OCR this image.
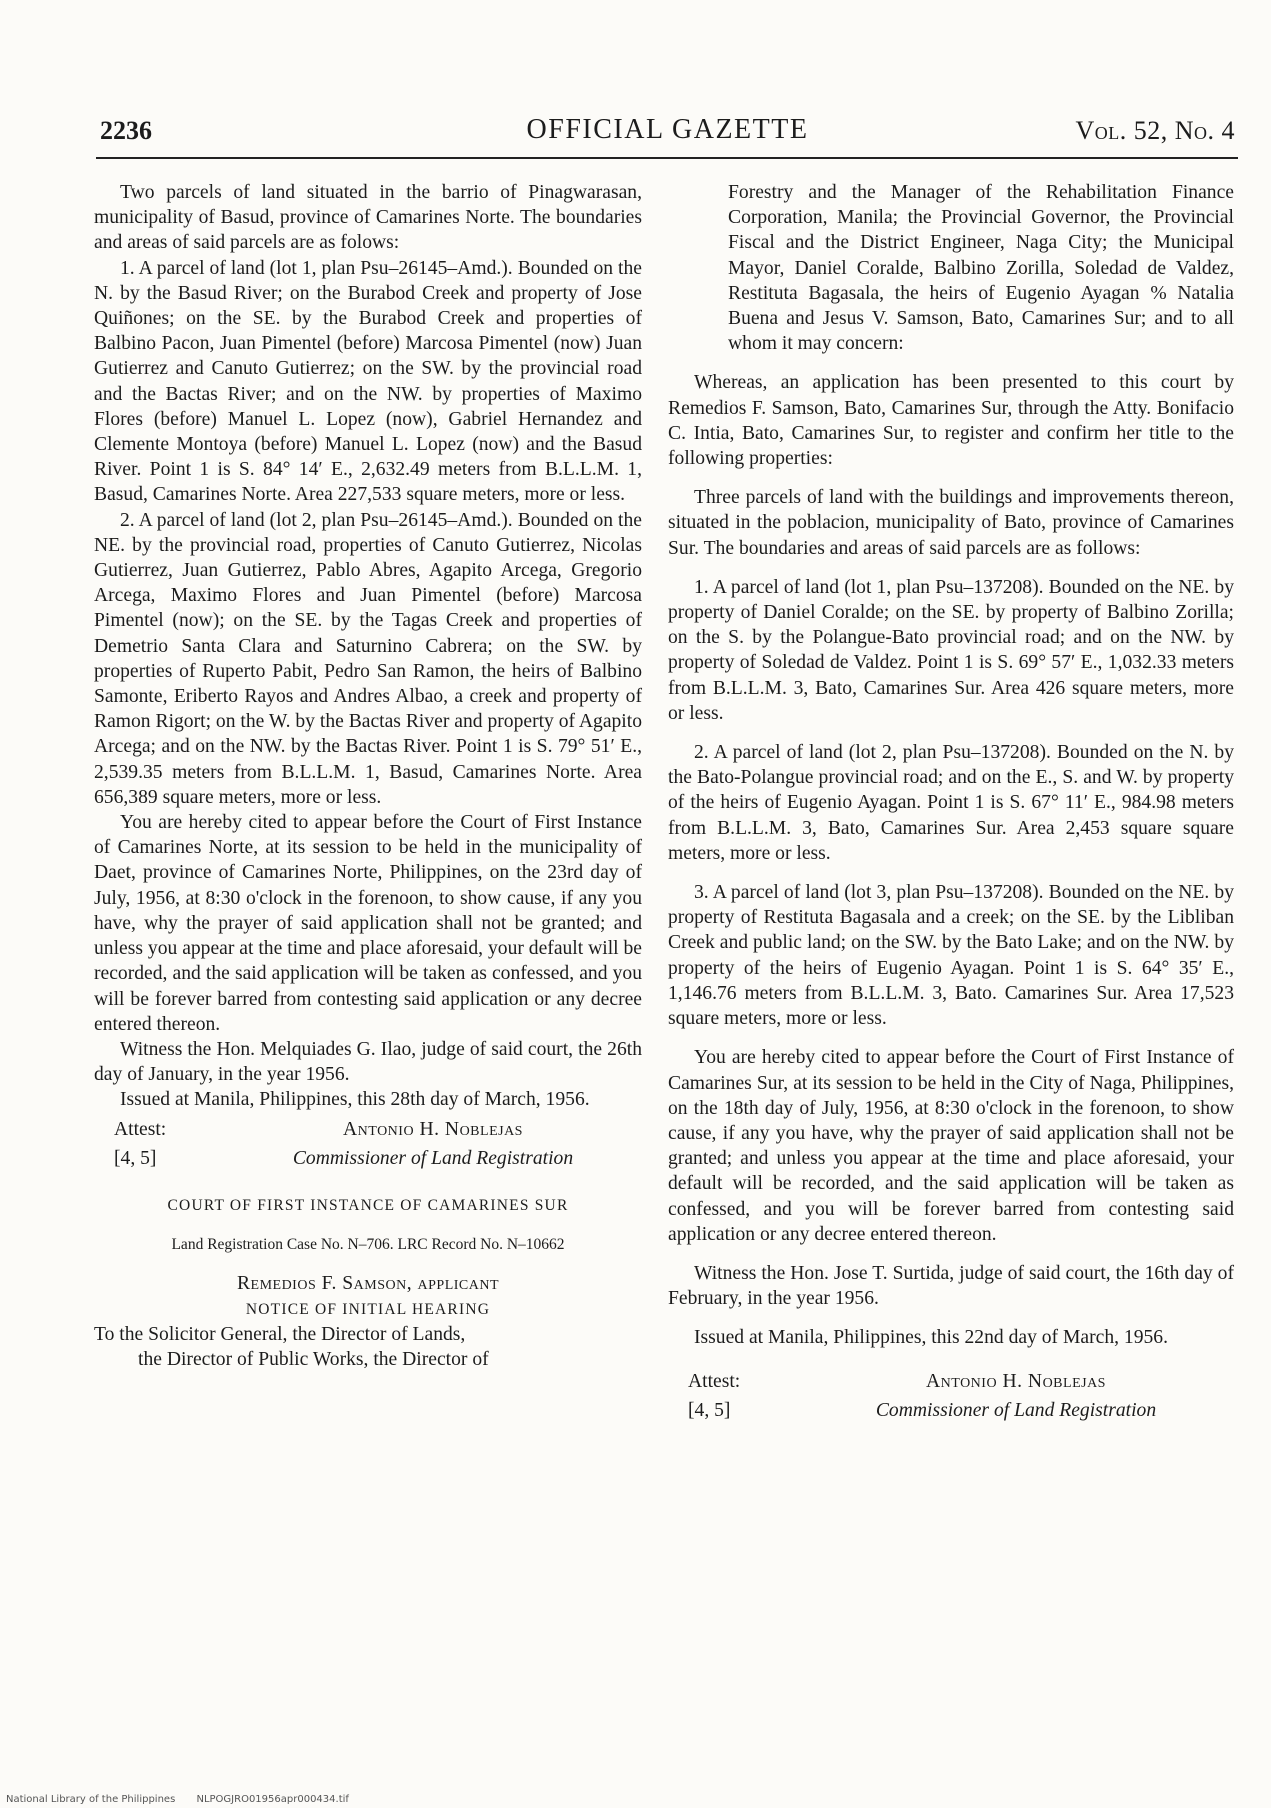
2236	OFFICIAL GAZETTE	Vol. 52, No. 4

Two parcels of land situated in the barrio of Pinagwarasan, municipality of Basud, province of Camarines Norte. The boundaries and areas of said parcels are as folows:

1. A parcel of land (lot 1, plan Psu–26145–Amd.). Bounded on the N. by the Basud River; on the Burabod Creek and property of Jose Quiñones; on the SE. by the Burabod Creek and properties of Balbino Pacon, Juan Pimentel (before) Marcosa Pimentel (now) Juan Gutierrez and Canuto Gutierrez; on the SW. by the provincial road and the Bactas River; and on the NW. by properties of Maximo Flores (before) Manuel L. Lopez (now), Gabriel Hernandez and Clemente Montoya (before) Manuel L. Lopez (now) and the Basud River. Point 1 is S. 84° 14′ E., 2,632.49 meters from B.L.L.M. 1, Basud, Camarines Norte. Area 227,533 square meters, more or less.

2. A parcel of land (lot 2, plan Psu–26145–Amd.). Bounded on the NE. by the provincial road, properties of Canuto Gutierrez, Nicolas Gutierrez, Juan Gutierrez, Pablo Abres, Agapito Arcega, Gregorio Arcega, Maximo Flores and Juan Pimentel (before) Marcosa Pimentel (now); on the SE. by the Tagas Creek and properties of Demetrio Santa Clara and Saturnino Cabrera; on the SW. by properties of Ruperto Pabit, Pedro San Ramon, the heirs of Balbino Samonte, Eriberto Rayos and Andres Albao, a creek and property of Ramon Rigort; on the W. by the Bactas River and property of Agapito Arcega; and on the NW. by the Bactas River. Point 1 is S. 79° 51′ E., 2,539.35 meters from B.L.L.M. 1, Basud, Camarines Norte. Area 656,389 square meters, more or less.

You are hereby cited to appear before the Court of First Instance of Camarines Norte, at its session to be held in the municipality of Daet, province of Camarines Norte, Philippines, on the 23rd day of July, 1956, at 8:30 o'clock in the forenoon, to show cause, if any you have, why the prayer of said application shall not be granted; and unless you appear at the time and place aforesaid, your default will be recorded, and the said application will be taken as confessed, and you will be forever barred from contesting said application or any decree entered thereon.

Witness the Hon. Melquiades G. Ilao, judge of said court, the 26th day of January, in the year 1956.

Issued at Manila, Philippines, this 28th day of March, 1956.

Attest:	Antonio H. Noblejas
[4, 5]	Commissioner of Land Registration

COURT OF FIRST INSTANCE OF CAMARINES SUR

Land Registration Case No. N–706. LRC Record No. N–10662

Remedios F. Samson, applicant

NOTICE OF INITIAL HEARING

To the Solicitor General, the Director of Lands,

the Director of Public Works, the Director of

Forestry and the Manager of the Rehabilitation Finance Corporation, Manila; the Provincial Governor, the Provincial Fiscal and the District Engineer, Naga City; the Municipal Mayor, Daniel Coralde, Balbino Zorilla, Soledad de Valdez, Restituta Bagasala, the heirs of Eugenio Ayagan % Natalia Buena and Jesus V. Samson, Bato, Camarines Sur; and to all whom it may concern:

Whereas, an application has been presented to this court by Remedios F. Samson, Bato, Camarines Sur, through the Atty. Bonifacio C. Intia, Bato, Camarines Sur, to register and confirm her title to the following properties:

Three parcels of land with the buildings and improvements thereon, situated in the poblacion, municipality of Bato, province of Camarines Sur. The boundaries and areas of said parcels are as follows:

1. A parcel of land (lot 1, plan Psu–137208). Bounded on the NE. by property of Daniel Coralde; on the SE. by property of Balbino Zorilla; on the S. by the Polangue-Bato provincial road; and on the NW. by property of Soledad de Valdez. Point 1 is S. 69° 57′ E., 1,032.33 meters from B.L.L.M. 3, Bato, Camarines Sur. Area 426 square meters, more or less.

2. A parcel of land (lot 2, plan Psu–137208). Bounded on the N. by the Bato-Polangue provincial road; and on the E., S. and W. by property of the heirs of Eugenio Ayagan. Point 1 is S. 67° 11′ E., 984.98 meters from B.L.L.M. 3, Bato, Camarines Sur. Area 2,453 square square meters, more or less.

3. A parcel of land (lot 3, plan Psu–137208). Bounded on the NE. by property of Restituta Bagasala and a creek; on the SE. by the Libliban Creek and public land; on the SW. by the Bato Lake; and on the NW. by property of the heirs of Eugenio Ayagan. Point 1 is S. 64° 35′ E., 1,146.76 meters from B.L.L.M. 3, Bato. Camarines Sur. Area 17,523 square meters, more or less.

You are hereby cited to appear before the Court of First Instance of Camarines Sur, at its session to be held in the City of Naga, Philippines, on the 18th day of July, 1956, at 8:30 o'clock in the forenoon, to show cause, if any you have, why the prayer of said application shall not be granted; and unless you appear at the time and place aforesaid, your default will be recorded, and the said application will be taken as confessed, and you will be forever barred from contesting said application or any decree entered thereon.

Witness the Hon. Jose T. Surtida, judge of said court, the 16th day of February, in the year 1956.

Issued at Manila, Philippines, this 22nd day of March, 1956.

Attest:	Antonio H. Noblejas
[4, 5]	Commissioner of Land Registration
National Library of the Philippines NLPOGJRO01956apr000434.tif
